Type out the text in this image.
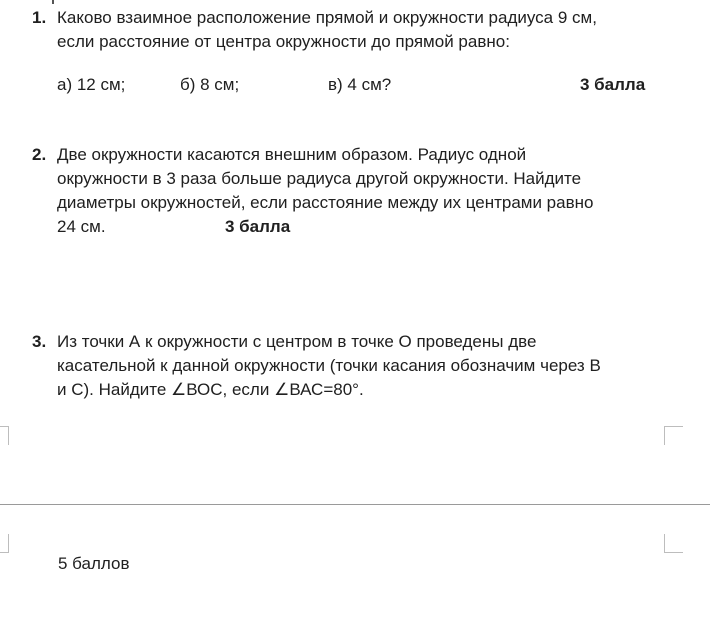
1. Каково взаимное расположение прямой и окружности радиуса 9 см,
если расстояние от центра окружности до прямой равно:
а) 12 см;	б) 8 см;	в) 4 см?	3 балла
2. Две окружности касаются внешним образом. Радиус одной
окружности в 3 раза больше радиуса другой окружности. Найдите
диаметры окружностей, если расстояние между их центрами равно
24 см.	3 балла
3. Из точки А к окружности с центром в точке О проведены две
касательной к данной окружности (точки касания обозначим через В
и С). Найдите ∠ВОС, если ∠ВАС=80°.
5 баллов
